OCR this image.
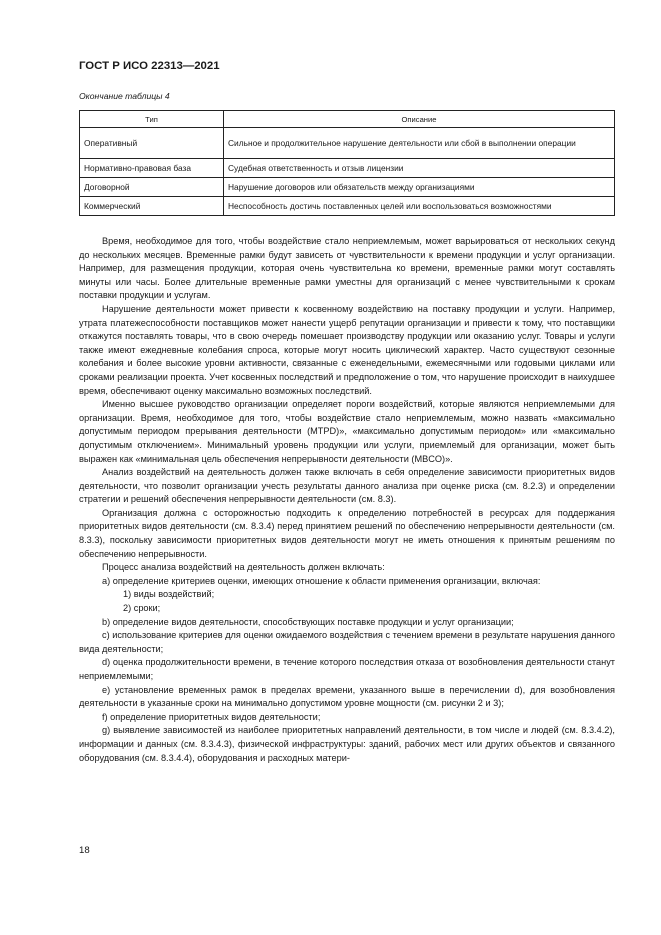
ГОСТ Р ИСО 22313—2021
Окончание таблицы 4
Тип	Описание
Оперативный	Сильное и продолжительное нарушение деятельности или сбой в выполнении операции
Нормативно-правовая база	Судебная ответственность и отзыв лицензии
Договорной	Нарушение договоров или обязательств между организациями
Коммерческий	Неспособность достичь поставленных целей или воспользоваться возможностями

Время, необходимое для того, чтобы воздействие стало неприемлемым, может варьироваться от нескольких секунд до нескольких месяцев. Временные рамки будут зависеть от чувствительности к времени продукции и услуг организации. Например, для размещения продукции, которая очень чувствительна ко времени, временные рамки могут составлять минуты или часы. Более длительные временные рамки уместны для организаций с менее чувствительными к срокам поставки продукции и услугам.

Нарушение деятельности может привести к косвенному воздействию на поставку продукции и услуги. Например, утрата платежеспособности поставщиков может нанести ущерб репутации организации и привести к тому, что поставщики откажутся поставлять товары, что в свою очередь помешает производству продукции или оказанию услуг. Товары и услуги также имеют ежедневные колебания спроса, которые могут носить циклический характер. Часто существуют сезонные колебания и более высокие уровни активности, связанные с еженедельными, ежемесячными или годовыми циклами или сроками реализации проекта. Учет косвенных последствий и предположение о том, что нарушение происходит в наихудшее время, обеспечивают оценку максимально возможных последствий.

Именно высшее руководство организации определяет пороги воздействий, которые являются неприемлемыми для организации. Время, необходимое для того, чтобы воздействие стало неприемлемым, можно назвать «максимально допустимым периодом прерывания деятельности (MTPD)», «максимально допустимым периодом» или «максимально допустимым отключением». Минимальный уровень продукции или услуги, приемлемый для организации, может быть выражен как «минимальная цель обеспечения непрерывности деятельности (MBCO)».

Анализ воздействий на деятельность должен также включать в себя определение зависимости приоритетных видов деятельности, что позволит организации учесть результаты данного анализа при оценке риска (см. 8.2.3) и определении стратегии и решений обеспечения непрерывности деятельности (см. 8.3).

Организация должна с осторожностью подходить к определению потребностей в ресурсах для поддержания приоритетных видов деятельности (см. 8.3.4) перед принятием решений по обеспечению непрерывности деятельности (см. 8.3.3), поскольку зависимости приоритетных видов деятельности могут не иметь отношения к принятым решениям по обеспечению непрерывности.

Процесс анализа воздействий на деятельность должен включать:

а) определение критериев оценки, имеющих отношение к области применения организации, включая:

1) виды воздействий;

2) сроки;

b) определение видов деятельности, способствующих поставке продукции и услуг организации;

c) использование критериев для оценки ожидаемого воздействия с течением времени в результате нарушения данного вида деятельности;

d) оценка продолжительности времени, в течение которого последствия отказа от возобновления деятельности станут неприемлемыми;

e) установление временных рамок в пределах времени, указанного выше в перечислении d), для возобновления деятельности в указанные сроки на минимально допустимом уровне мощности (см. рисунки 2 и 3);

f) определение приоритетных видов деятельности;

g) выявление зависимостей из наиболее приоритетных направлений деятельности, в том числе и людей (см. 8.3.4.2), информации и данных (см. 8.3.4.3), физической инфраструктуры: зданий, рабочих мест или других объектов и связанного оборудования (см. 8.3.4.4), оборудования и расходных матери-

18
